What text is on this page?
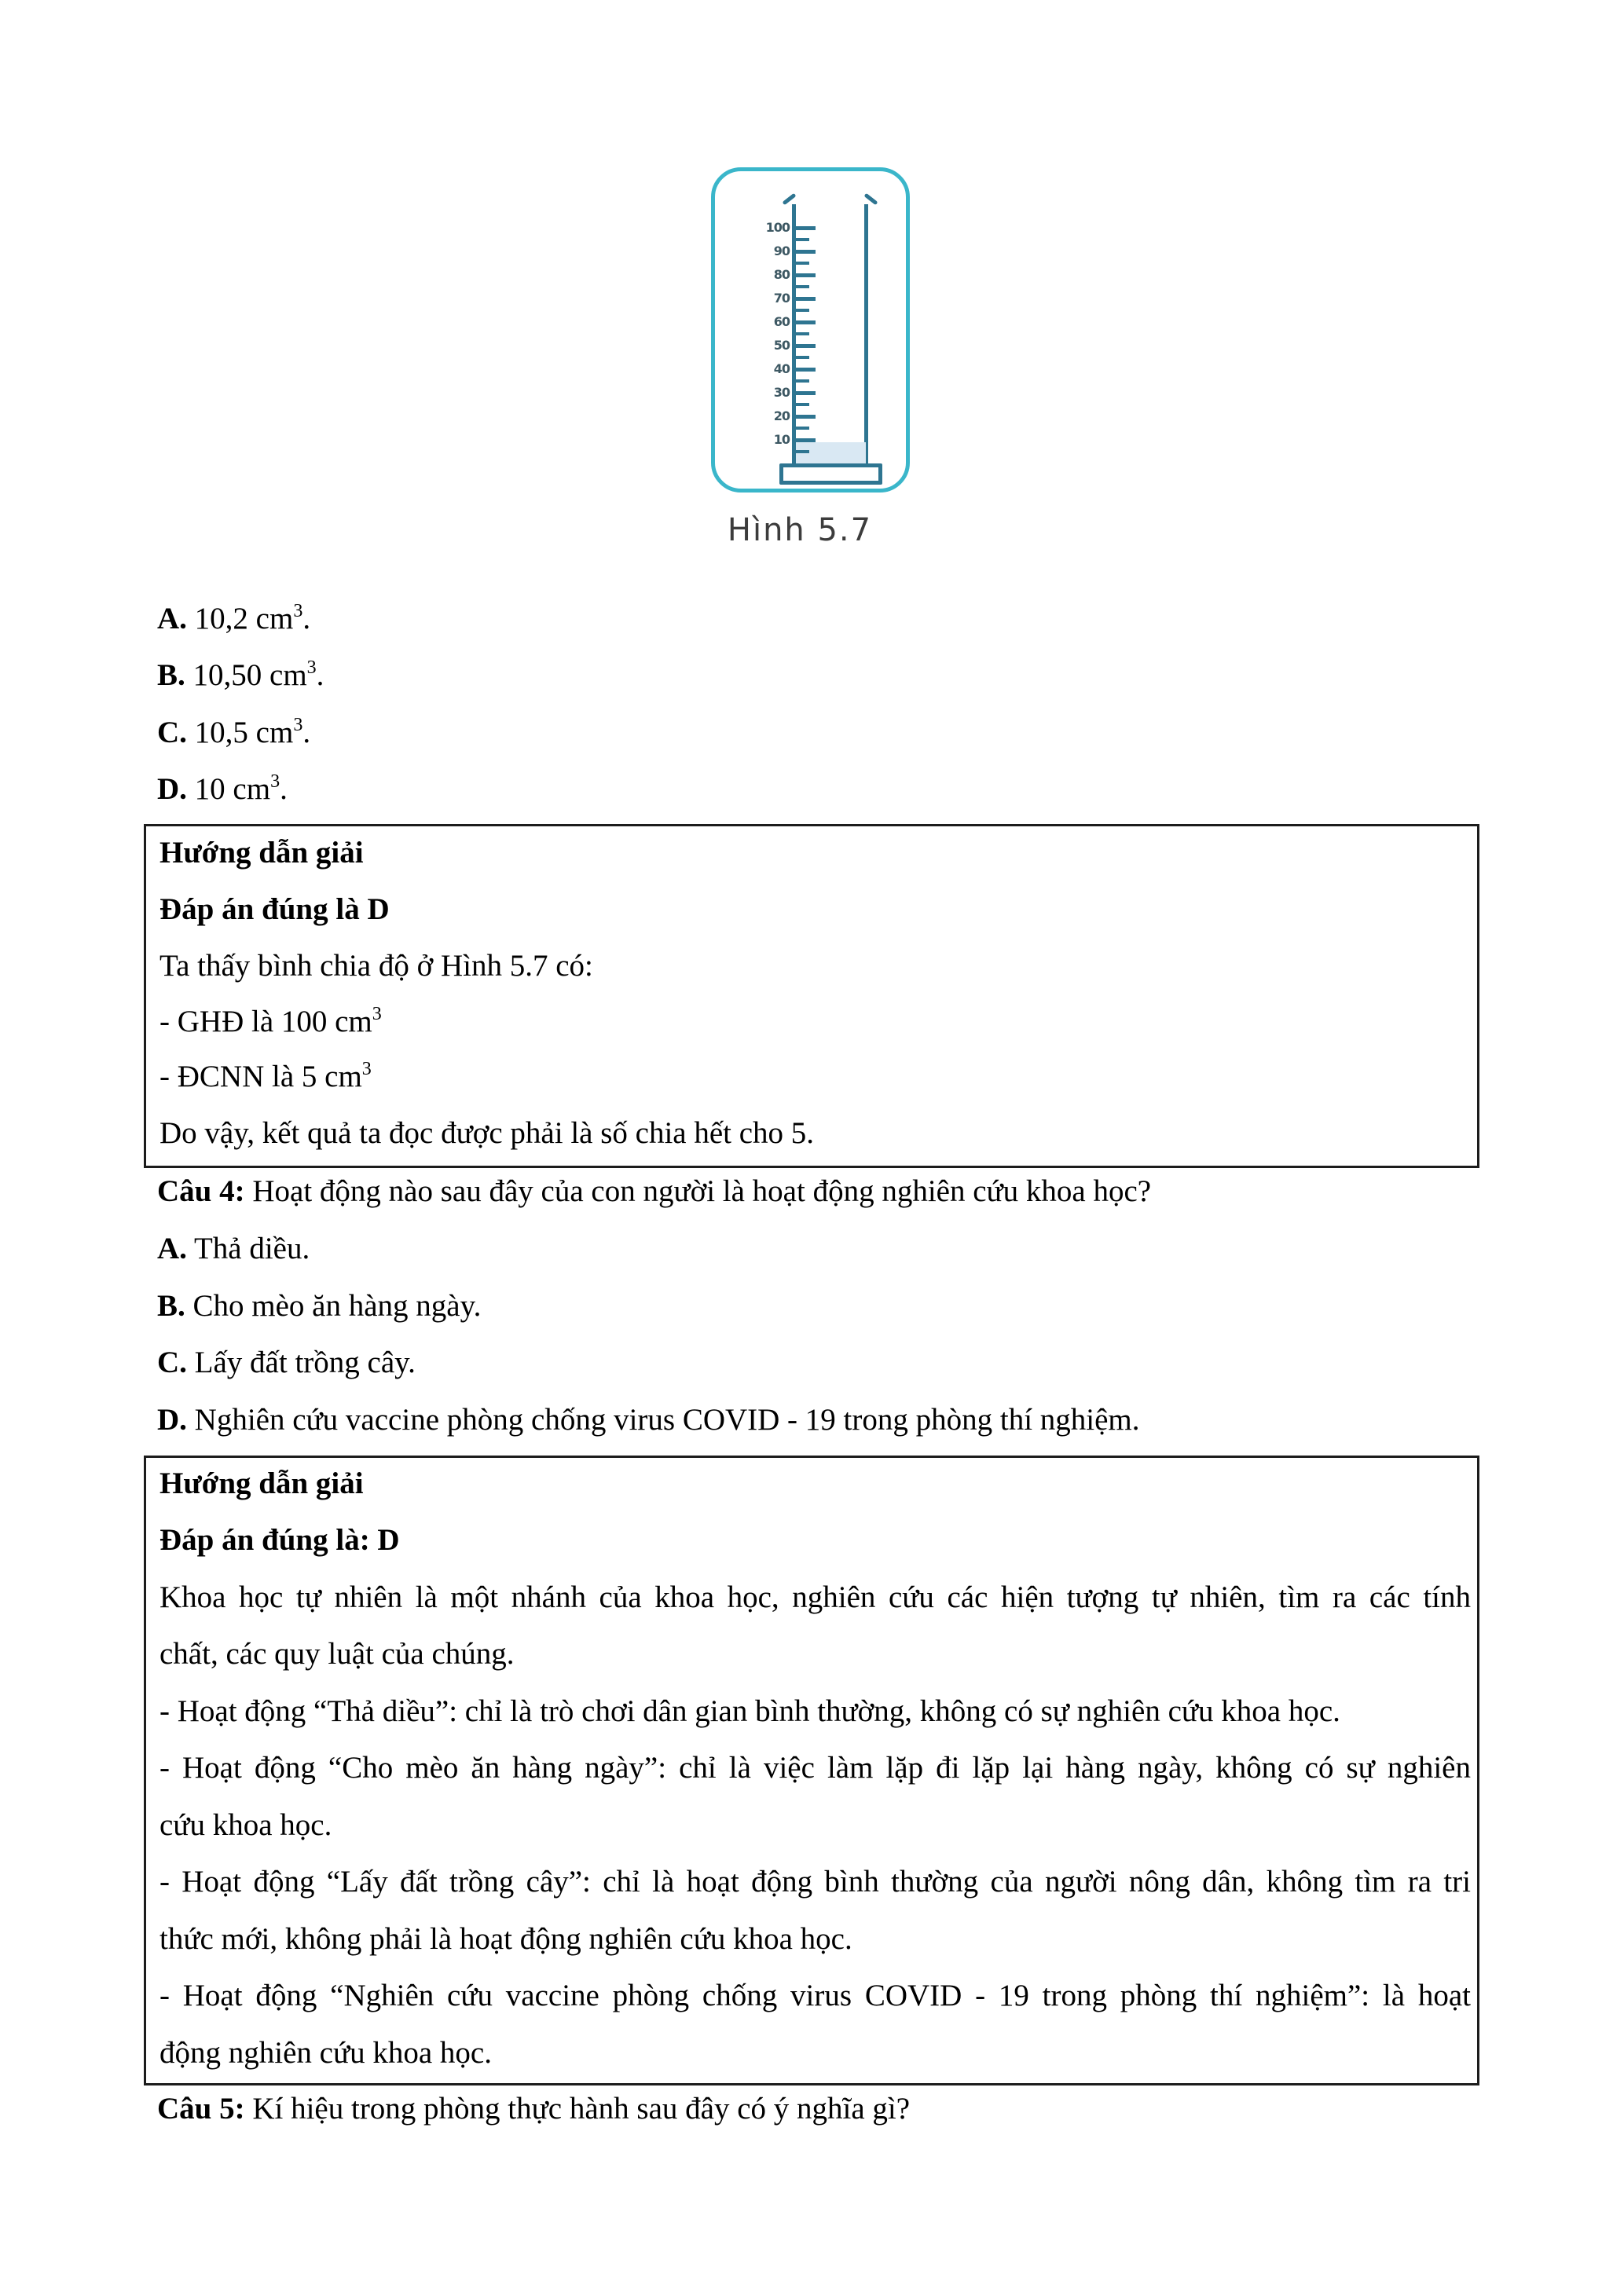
100
90
80
70
60
50
40
30
20
10
Hình 5.7
A. 10,2 $cm^3$.
B. 10,50 $cm^3$.
C. 10,5 $cm^3$.
D. 10 $cm^3$.
Hướng dẫn giải
Đáp án đúng là D
Ta thấy bình chia độ ở Hình 5.7 có:
- GHĐ là 100 $cm^3$
- ĐCNN là 5 $cm^3$
Do vậy, kết quả ta đọc được phải là số chia hết cho 5.
Câu 4: Hoạt động nào sau đây của con người là hoạt động nghiên cứu khoa học?
A. Thả diều.
B. Cho mèo ăn hàng ngày.
C. Lấy đất trồng cây.
D. Nghiên cứu vaccine phòng chống virus COVID - 19 trong phòng thí nghiệm.
Hướng dẫn giải
Đáp án đúng là: D
Khoa học tự nhiên là một nhánh của khoa học, nghiên cứu các hiện tượng tự nhiên, tìm ra các tính
chất, các quy luật của chúng.
- Hoạt động “Thả diều”: chỉ là trò chơi dân gian bình thường, không có sự nghiên cứu khoa học.
- Hoạt động “Cho mèo ăn hàng ngày”: chỉ là việc làm lặp đi lặp lại hàng ngày, không có sự nghiên
cứu khoa học.
- Hoạt động “Lấy đất trồng cây”: chỉ là hoạt động bình thường của người nông dân, không tìm ra tri
thức mới, không phải là hoạt động nghiên cứu khoa học.
- Hoạt động “Nghiên cứu vaccine phòng chống virus COVID - 19 trong phòng thí nghiệm”: là hoạt
động nghiên cứu khoa học.
Câu 5: Kí hiệu trong phòng thực hành sau đây có ý nghĩa gì?
